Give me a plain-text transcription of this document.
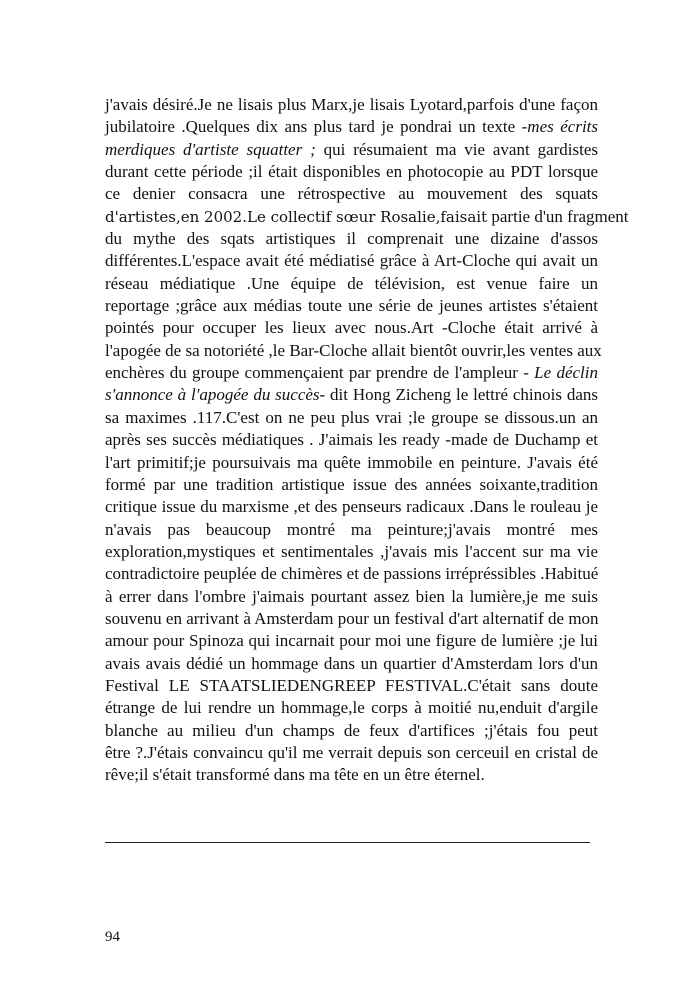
j'avais désiré.Je ne lisais plus Marx,je lisais Lyotard,parfois d'une façon
jubilatoire .Quelques dix ans plus tard je pondrai un texte -mes écrits
merdiques d'artiste squatter ; qui résumaient ma vie avant gardistes
durant cette période ;il était disponibles en photocopie au PDT lorsque
ce denier consacra une rétrospective au mouvement des squats
d'artistes,en 2002.Le collectif sœur Rosalie,faisait partie d'un fragment
du mythe des sqats artistiques il comprenait une dizaine d'assos
différentes.L'espace avait été médiatisé grâce à Art-Cloche qui avait un
réseau médiatique .Une équipe de télévision, est venue faire un
reportage ;grâce aux médias toute une série de jeunes artistes s'étaient
pointés pour occuper les lieux avec nous.Art -Cloche était arrivé à
l'apogée de sa notoriété ,le Bar-Cloche allait bientôt ouvrir,les ventes aux
enchères du groupe commençaient par prendre de l'ampleur - Le déclin
s'annonce à l'apogée du succès- dit Hong Zicheng le lettré chinois dans
sa maximes .117.C'est on ne peu plus vrai ;le groupe se dissous.un an
après ses succès médiatiques . J'aimais les ready -made de Duchamp et
l'art primitif;je poursuivais ma quête immobile en peinture. J'avais été
formé par une tradition artistique issue des années soixante,tradition
critique issue du marxisme ,et des penseurs radicaux .Dans le rouleau je
n'avais pas beaucoup montré ma peinture;j'avais montré mes
exploration,mystiques et sentimentales ,j'avais mis l'accent sur ma vie
contradictoire peuplée de chimères et de passions irrépréssibles .Habitué
à errer dans l'ombre j'aimais pourtant assez bien la lumière,je me suis
souvenu en arrivant à Amsterdam pour un festival d'art alternatif de mon
amour pour Spinoza qui incarnait pour moi une figure de lumière ;je lui
avais avais dédié un hommage dans un quartier d'Amsterdam lors d'un
Festival LE STAATSLIEDENGREEP FESTIVAL.C'était sans doute
étrange de lui rendre un hommage,le corps à moitié nu,enduit d'argile
blanche au milieu d'un champs de feux d'artifices ;j'étais fou peut
être ?.J'étais convaincu qu'il me verrait depuis son cerceuil en cristal de
rêve;il s'était transformé dans ma tête en un être éternel.
94
